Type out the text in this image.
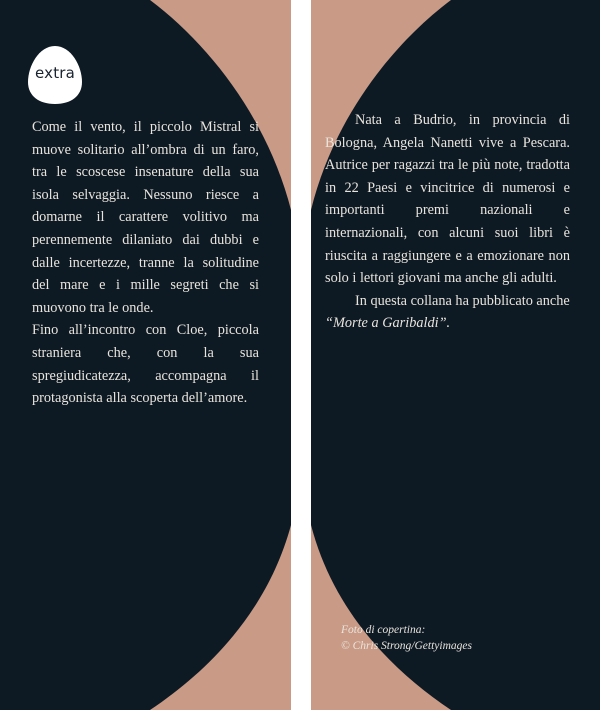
extra

Come il vento, il piccolo Mistral si muove solitario all’ombra di un faro, tra le scoscese insenature della sua isola selvaggia. Nessuno riesce a domarne il carattere volitivo ma perennemente dilaniato dai dubbi e dalle incertezze, tranne la solitudine del mare e i mille segreti che si muovono tra le onde.

Fino all’incontro con Cloe, piccola straniera che, con la sua spregiudicatezza, accompagna il protagonista alla scoperta dell’amore.

Nata a Budrio, in provincia di Bologna, Angela Nanetti vive a Pescara. Autrice per ragazzi tra le più note, tradotta in 22 Paesi e vincitrice di numerosi e importanti premi nazionali e internazionali, con alcuni suoi libri è riuscita a raggiungere e a emozionare non solo i lettori giovani ma anche gli adulti.

In questa collana ha pubblicato anche
“Morte a Garibaldi”.

Foto di copertina:
© Chris Strong/Gettyimages
